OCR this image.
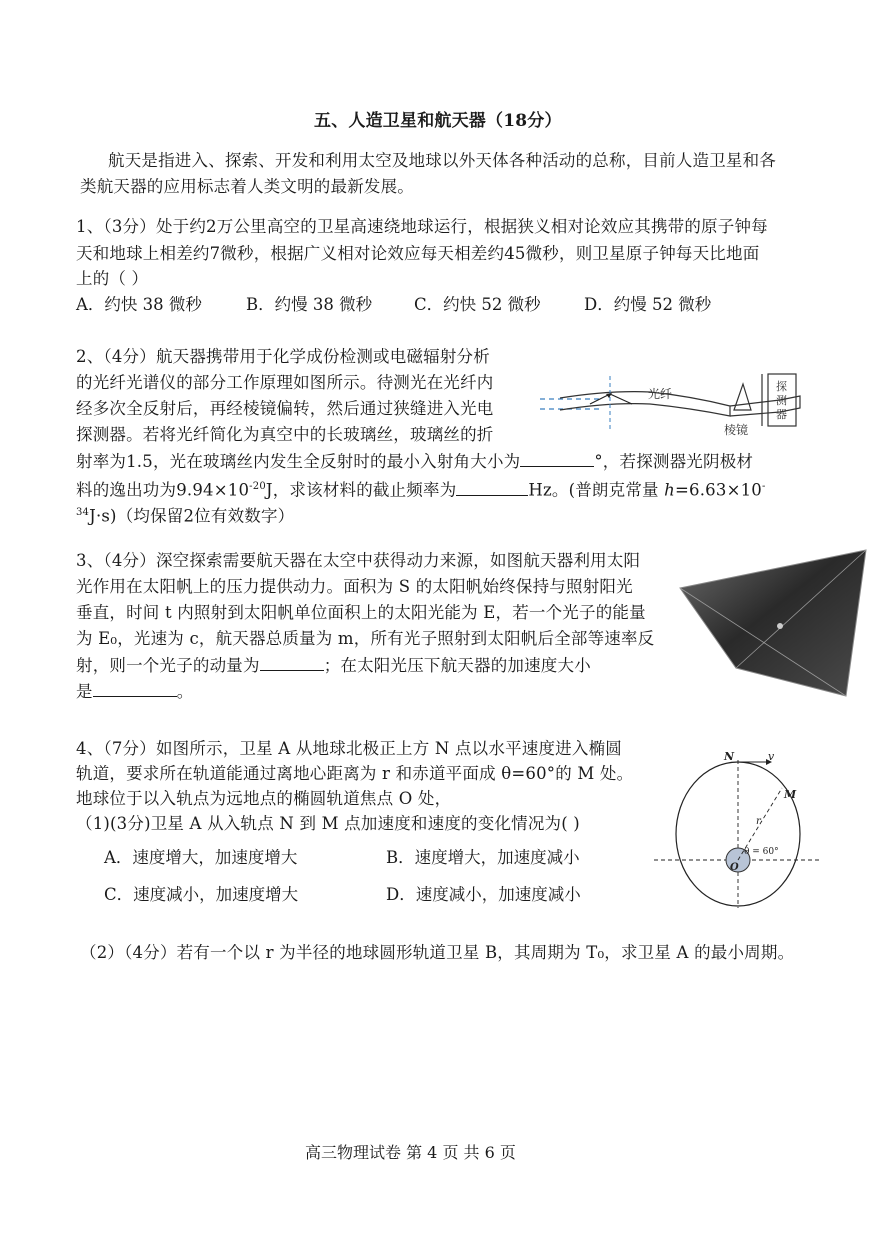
五、人造卫星和航天器（18分）
航天是指进入、探索、开发和利用太空及地球以外天体各种活动的总称，目前人造卫星和各
类航天器的应用标志着人类文明的最新发展。
1、（3分）处于约2万公里高空的卫星高速绕地球运行，根据狭义相对论效应其携带的原子钟每
天和地球上相差约7微秒，根据广义相对论效应每天相差约45微秒，则卫星原子钟每天比地面
上的（ ）
A．约快 38 微秒	B．约慢 38 微秒	C．约快 52 微秒	D．约慢 52 微秒
2、（4分）航天器携带用于化学成份检测或电磁辐射分析
的光纤光谱仪的部分工作原理如图所示。待测光在光纤内
经多次全反射后，再经棱镜偏转，然后通过狭缝进入光电
探测器。若将光纤简化为真空中的长玻璃丝，玻璃丝的折
射率为1.5，光在玻璃丝内发生全反射时的最小入射角大小为	°，若探测器光阴极材
料的逸出功为$9.94\times 10^{-20}J$，求该材料的截止频率为	Hz。(普朗克常量 h=6.63×10-
$^{34}$J·s)（均保留2位有效数字）
光纤
棱镜
探
测
器
3、（4分）深空探索需要航天器在太空中获得动力来源，如图航天器利用太阳
光作用在太阳帆上的压力提供动力。面积为 S 的太阳帆始终保持与照射阳光
垂直，时间 t 内照射到太阳帆单位面积上的太阳光能为 E，若一个光子的能量
为 E₀，光速为 c，航天器总质量为 m，所有光子照射到太阳帆后全部等速率反
射，则一个光子的动量为	；在太阳光压下航天器的加速度大小
是	。
4、（7分）如图所示，卫星 A 从地球北极正上方 N 点以水平速度进入椭圆
轨道，要求所在轨道能通过离地心距离为 r 和赤道平面成 θ=60°的 M 处。
地球位于以入轨点为远地点的椭圆轨道焦点 O 处，
（1)(3分)卫星 A 从入轨点 N 到 M 点加速度和速度的变化情况为( )
A．速度增大，加速度增大	B．速度增大，加速度减小
C．速度减小，加速度增大	D．速度减小，加速度减小
（2）（4分）若有一个以 r 为半径的地球圆形轨道卫星 B，其周期为 T₀，求卫星 A 的最小周期。
N	v
M
r
θ = 60°
O
高三物理试卷 第 4 页 共 6 页
